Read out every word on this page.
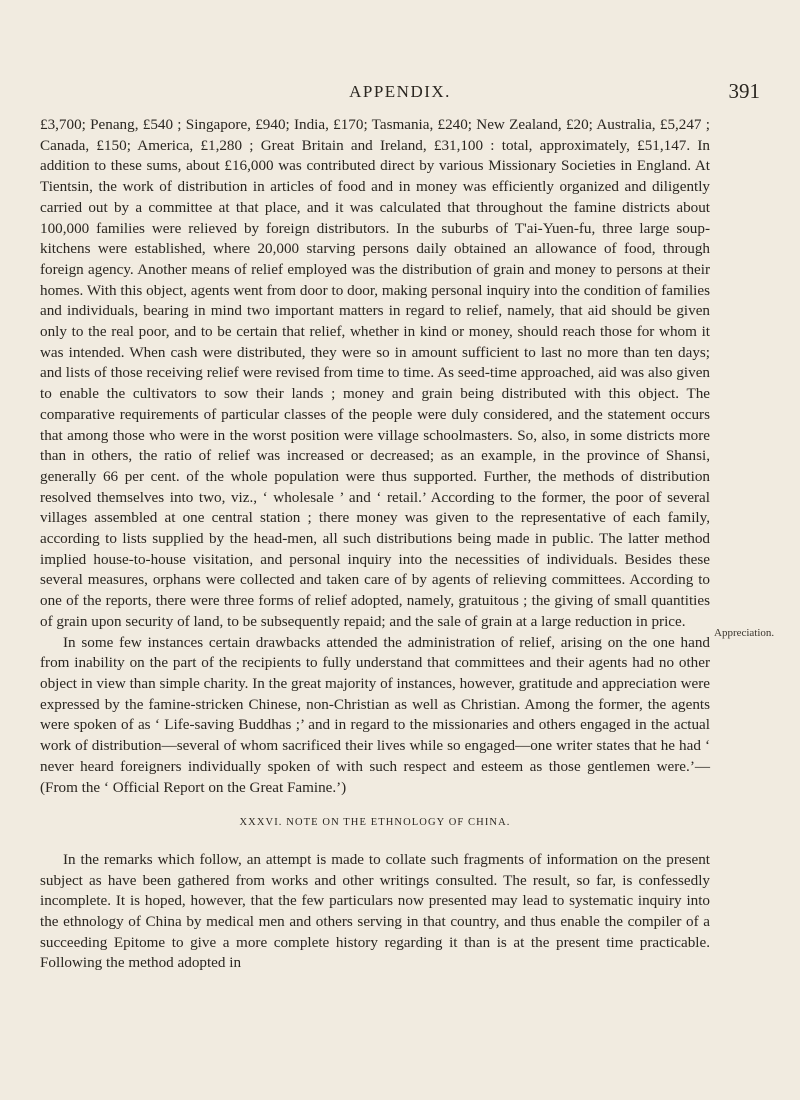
APPENDIX.	391

£3,700; Penang, £540 ; Singapore, £940; India, £170; Tasmania, £240; New Zealand, £20; Australia, £5,247 ; Canada, £150; America, £1,280 ; Great Britain and Ireland, £31,100 : total, approximately, £51,147. In addition to these sums, about £16,000 was contributed direct by various Missionary Societies in England. At Tientsin, the work of distribution in articles of food and in money was efficiently organized and diligently carried out by a committee at that place, and it was calculated that throughout the famine districts about 100,000 families were relieved by foreign distributors. In the suburbs of T'ai-Yuen-fu, three large soup-kitchens were established, where 20,000 starving persons daily obtained an allowance of food, through foreign agency. Another means of relief employed was the distribution of grain and money to persons at their homes. With this object, agents went from door to door, making personal inquiry into the condition of families and individuals, bearing in mind two important matters in regard to relief, namely, that aid should be given only to the real poor, and to be certain that relief, whether in kind or money, should reach those for whom it was intended. When cash were distributed, they were so in amount sufficient to last no more than ten days; and lists of those receiving relief were revised from time to time. As seed-time approached, aid was also given to enable the cultivators to sow their lands ; money and grain being distributed with this object. The comparative requirements of particular classes of the people were duly considered, and the statement occurs that among those who were in the worst position were village schoolmasters. So, also, in some districts more than in others, the ratio of relief was increased or decreased; as an example, in the province of Shansi, generally 66 per cent. of the whole population were thus supported. Further, the methods of distribution resolved themselves into two, viz., ‘ wholesale ’ and ‘ retail.’ According to the former, the poor of several villages assembled at one central station ; there money was given to the representative of each family, according to lists supplied by the head-men, all such distributions being made in public. The latter method implied house-to-house visitation, and personal inquiry into the necessities of individuals. Besides these several measures, orphans were collected and taken care of by agents of relieving committees. According to one of the reports, there were three forms of relief adopted, namely, gratuitous ; the giving of small quantities of grain upon security of land, to be subsequently repaid; and the sale of grain at a large reduction in price.

In some few instances certain drawbacks attended the administration of relief, arising on the one hand from inability on the part of the recipients to fully understand that committees and their agents had no other object in view than simple charity. In the great majority of instances, however, gratitude and appreciation were expressed by the famine-stricken Chinese, non-Christian as well as Christian. Among the former, the agents were spoken of as ‘ Life-saving Buddhas ;’ and in regard to the missionaries and others engaged in the actual work of distribution—several of whom sacrificed their lives while so engaged—one writer states that he had ‘ never heard foreigners individually spoken of with such respect and esteem as those gentlemen were.’—(From the ‘ Official Report on the Great Famine.’)

XXXVI. NOTE ON THE ETHNOLOGY OF CHINA.

In the remarks which follow, an attempt is made to collate such fragments of information on the present subject as have been gathered from works and other writings consulted. The result, so far, is confessedly incomplete. It is hoped, however, that the few particulars now presented may lead to systematic inquiry into the ethnology of China by medical men and others serving in that country, and thus enable the compiler of a succeeding Epitome to give a more complete history regarding it than is at the present time practicable. Following the method adopted in

Appreciation.
